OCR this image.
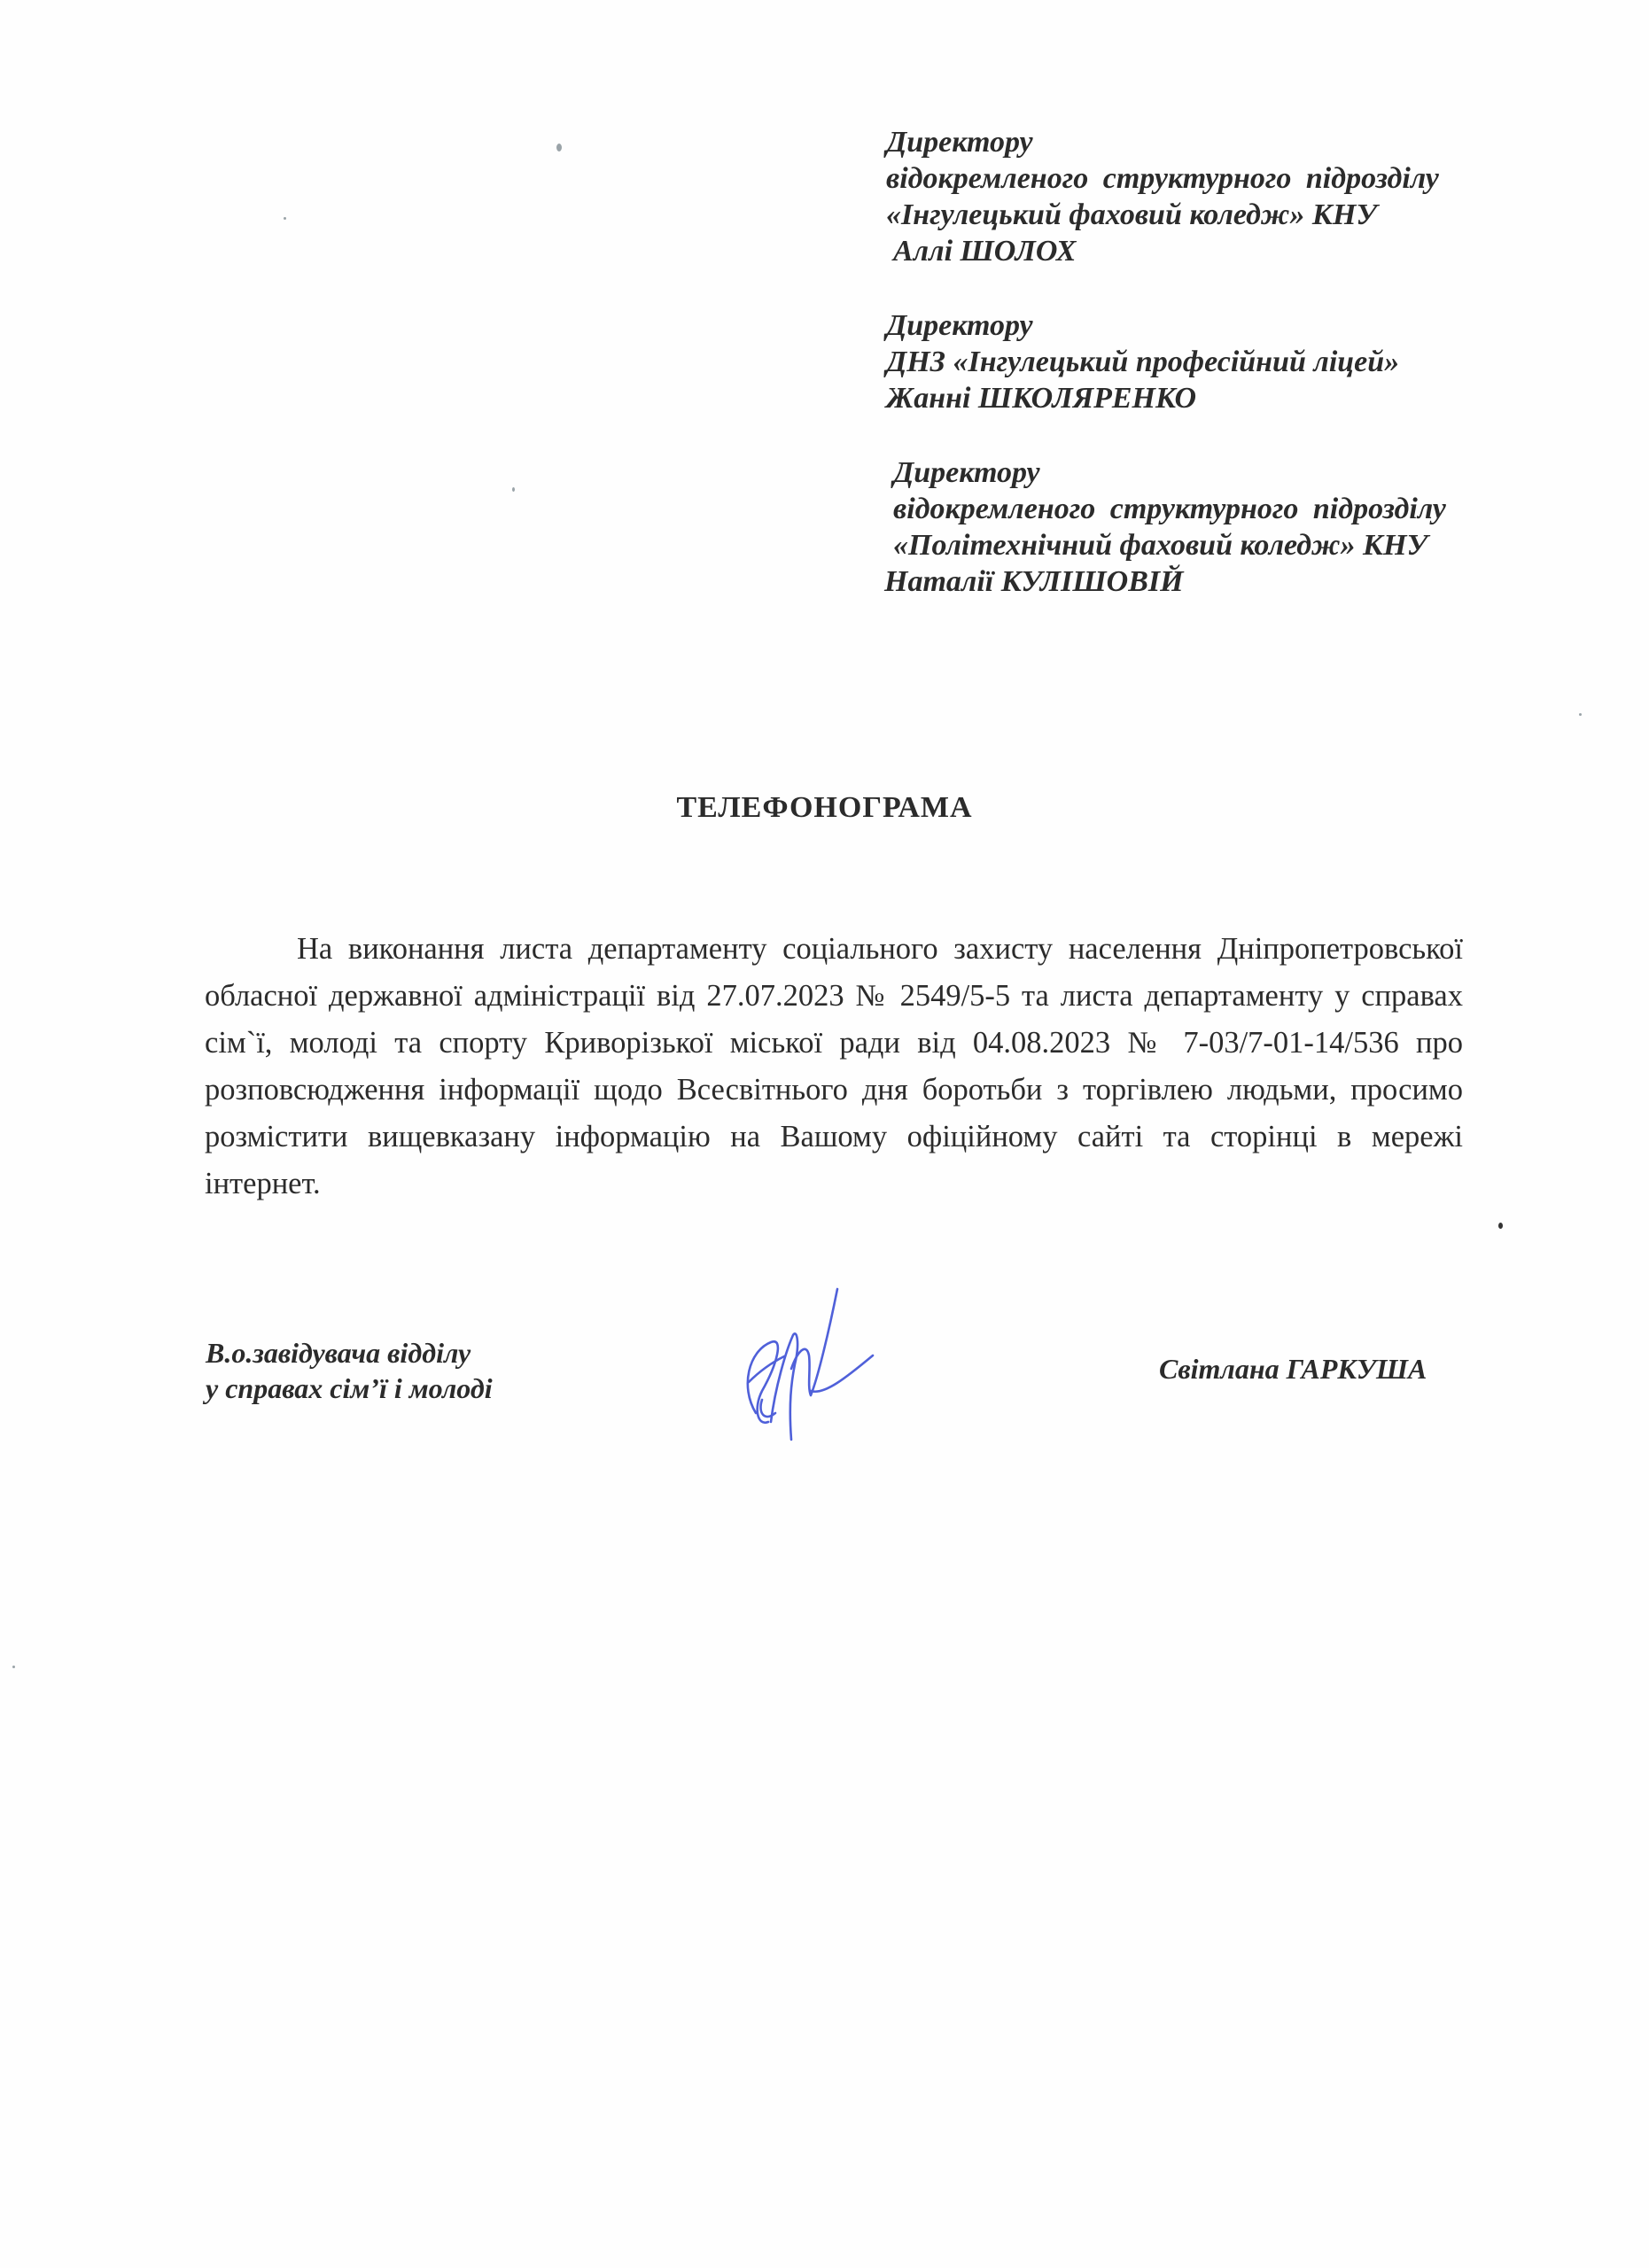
Директору
відокремленого структурного підрозділу
«Інгулецький фаховий коледж» КНУ
Аллі ШОЛОХ
Директору
ДНЗ «Інгулецький професійний ліцей»
Жанні ШКОЛЯРЕНКО
Директору
відокремленого структурного підрозділу
«Політехнічний фаховий коледж» КНУ
Наталії КУЛІШОВІЙ
ТЕЛЕФОНОГРАМА

На виконання листа департаменту соціального захисту населення Дніпропетровської обласної державної адміністрації від 27.07.2023 № 2549/5-5 та листа департаменту у справах сім`ї, молоді та спорту Криворізької міської ради від 04.08.2023 № 7-03/7-01-14/536 про розповсюдження інформації щодо Всесвітнього дня боротьби з торгівлею людьми, просимо розмістити вищевказану інформацію на Вашому офіційному сайті та сторінці в мережі інтернет.

В.о.завідувача відділу
у справах сім’ї і молоді
Світлана ГАРКУША
